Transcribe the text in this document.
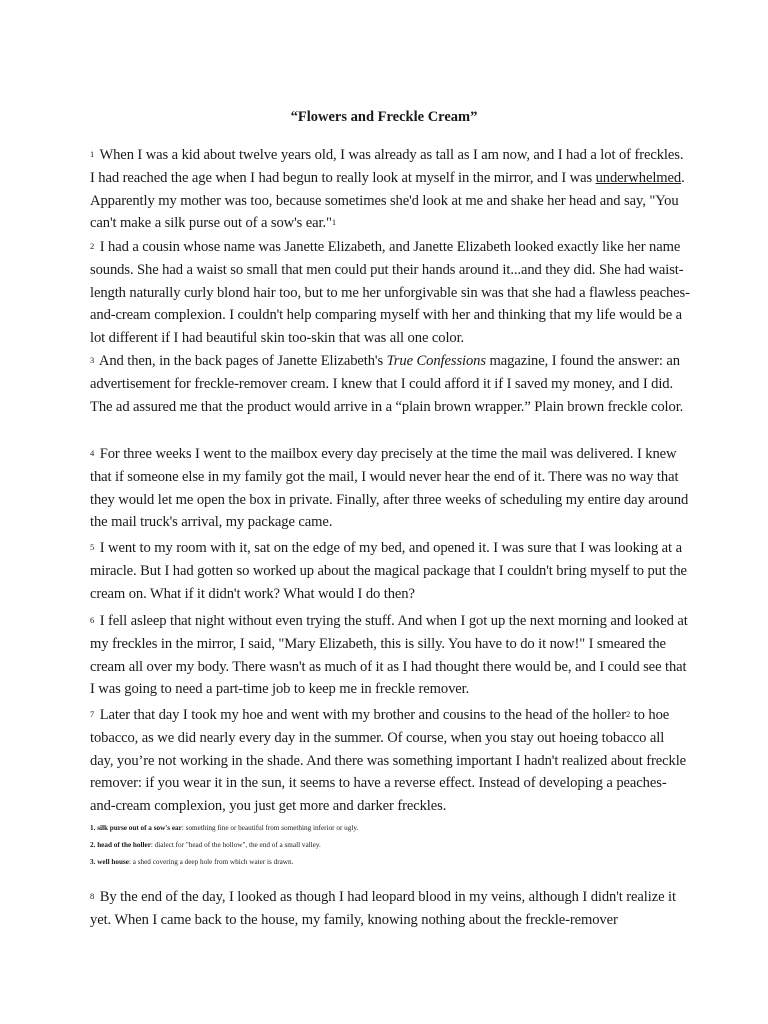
“Flowers and Freckle Cream”

$^1$ When I was a kid about twelve years old, I was already as tall as I am now, and I had a lot of freckles. I had reached the age when I had begun to really look at myself in the mirror, and I was underwhelmed. Apparently my mother was too, because sometimes she'd look at me and shake her head and say, "You can't make a silk purse out of a sow's ear."$^1$

$^2$ I had a cousin whose name was Janette Elizabeth, and Janette Elizabeth looked exactly like her name sounds. She had a waist so small that men could put their hands around it...and they did. She had waist-length naturally curly blond hair too, but to me her unforgivable sin was that she had a flawless peaches-and-cream complexion. I couldn't help comparing myself with her and thinking that my life would be a lot different if I had beautiful skin too-skin that was all one color.

$^3$ And then, in the back pages of Janette Elizabeth's True Confessions magazine, I found the answer: an advertisement for freckle-remover cream. I knew that I could afford it if I saved my money, and I did. The ad assured me that the product would arrive in a “plain brown wrapper.” Plain brown freckle color.

$^4$ For three weeks I went to the mailbox every day precisely at the time the mail was delivered. I knew that if someone else in my family got the mail, I would never hear the end of it. There was no way that they would let me open the box in private. Finally, after three weeks of scheduling my entire day around the mail truck's arrival, my package came.

$^5$ I went to my room with it, sat on the edge of my bed, and opened it. I was sure that I was looking at a miracle. But I had gotten so worked up about the magical package that I couldn't bring myself to put the cream on. What if it didn't work? What would I do then?

$^6$ I fell asleep that night without even trying the stuff. And when I got up the next morning and looked at my freckles in the mirror, I said, "Mary Elizabeth, this is silly. You have to do it now!" I smeared the cream all over my body. There wasn't as much of it as I had thought there would be, and I could see that I was going to need a part-time job to keep me in freckle remover.

$^7$ Later that day I took my hoe and went with my brother and cousins to the head of the holler$^2$ to hoe tobacco, as we did nearly every day in the summer. Of course, when you stay out hoeing tobacco all day, you’re not working in the shade. And there was something important I hadn't realized about freckle remover: if you wear it in the sun, it seems to have a reverse effect. Instead of developing a peaches-and-cream complexion, you just get more and darker freckles.

1. silk purse out of a sow's ear: something fine or beautiful from something inferior or ugly.

2. head of the holler: dialect for "head of the hollow", the end of a small valley.

3. well house: a shed covering a deep hole from which water is drawn.

$^8$ By the end of the day, I looked as though I had leopard blood in my veins, although I didn't realize it yet. When I came back to the house, my family, knowing nothing about the freckle-remover
